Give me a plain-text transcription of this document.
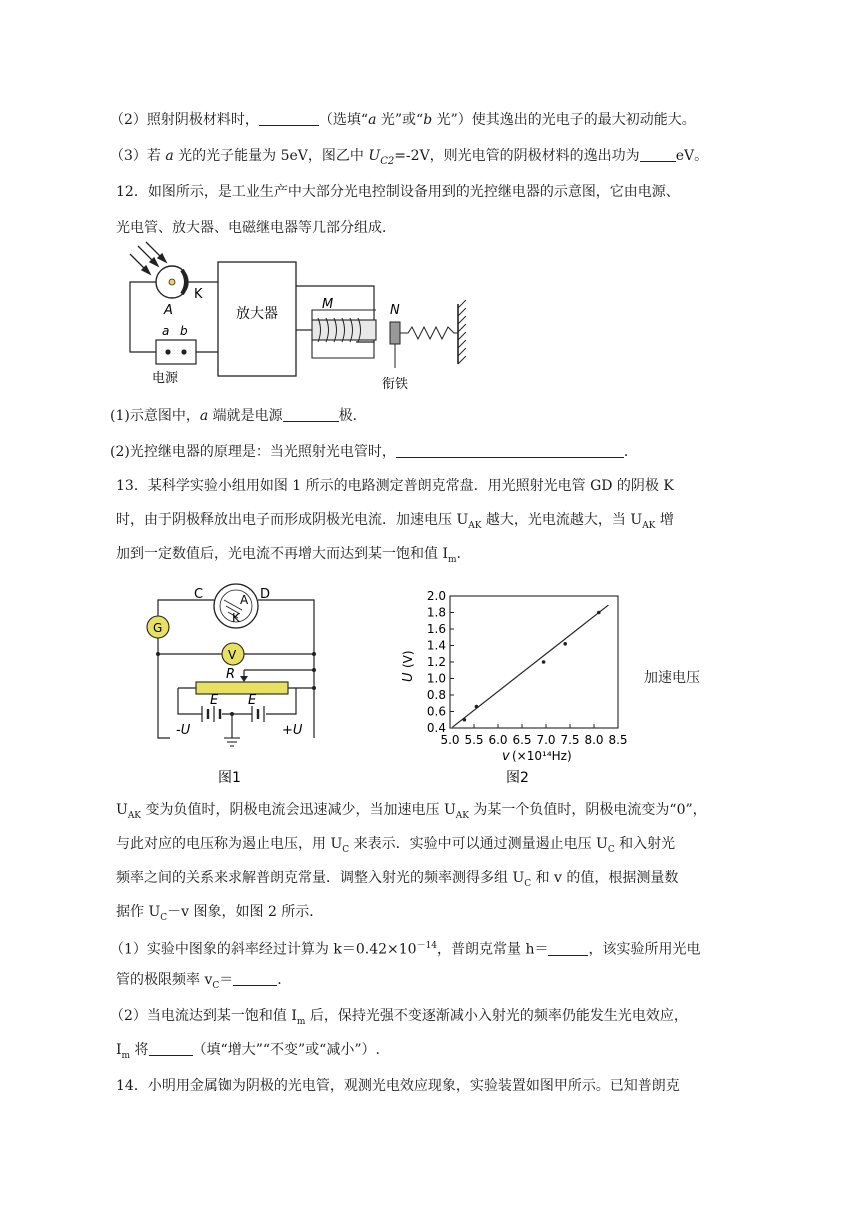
（2）照射阴极材料时，	（选填“a 光”或“b 光”）使其逸出的光电子的最大初动能大。
（3）若 a 光的光子能量为 5eV，图乙中 $U_{C2}=-2V$，则光电管的阴极材料的逸出功为	eV。
12．如图所示，是工业生产中大部分光电控制设备用到的光控继电器的示意图，它由电源、
光电管、放大器、电磁继电器等几部分组成．
K
A
a b
电源
放大器
M	N
衔铁
(1)示意图中，a 端就是电源	极．
(2)光控继电器的原理是：当光照射光电管时，	．
13．某科学实验小组用如图 1 所示的电路测定普朗克常盘．用光照射光电管 GD 的阴极 K
时，由于阴极释放出电子而形成阴极光电流．加速电压 $U_{AK}$ 越大，光电流越大，当 $U_{AK}$ 增
加到一定数值后，光电流不再增大而达到某一饱和值 $I_m$.
C	D
A
K
G
V
R
E E
-U	+U
图1
0.4
0.6
0.8
1.0
1.2
1.4
1.6
1.8
2.0
5.0 5.5 6.0 6.5 7.0 7.5 8.0 8.5
U
(V)
v (×10¹⁴Hz)
图2
加速电压
$U_{AK}$ 变为负值时，阴极电流会迅速减少，当加速电压 $U_{AK}$ 为某一个负值时，阴极电流变为“0”，
与此对应的电压称为遏止电压，用 $U_C$ 来表示．实验中可以通过测量遏止电压 $U_C$ 和入射光
频率之间的关系来求解普朗克常量．调整入射光的频率测得多组 $U_C$ 和 v 的值，根据测量数
据作 $U_C-v$ 图象，如图 2 所示．
（1）实验中图象的斜率经过计算为 $k=0.42\times 10^{-14}$，普朗克常量 h＝	，该实验所用光电
管的极限频率 $v_C=$	.
（2）当电流达到某一饱和值 $I_m$ 后，保持光强不变逐渐减小入射光的频率仍能发生光电效应，
$I_m$ 将	（填“增大”“不变”或“减小”）.
14．小明用金属铷为阴极的光电管，观测光电效应现象，实验装置如图甲所示。已知普朗克
